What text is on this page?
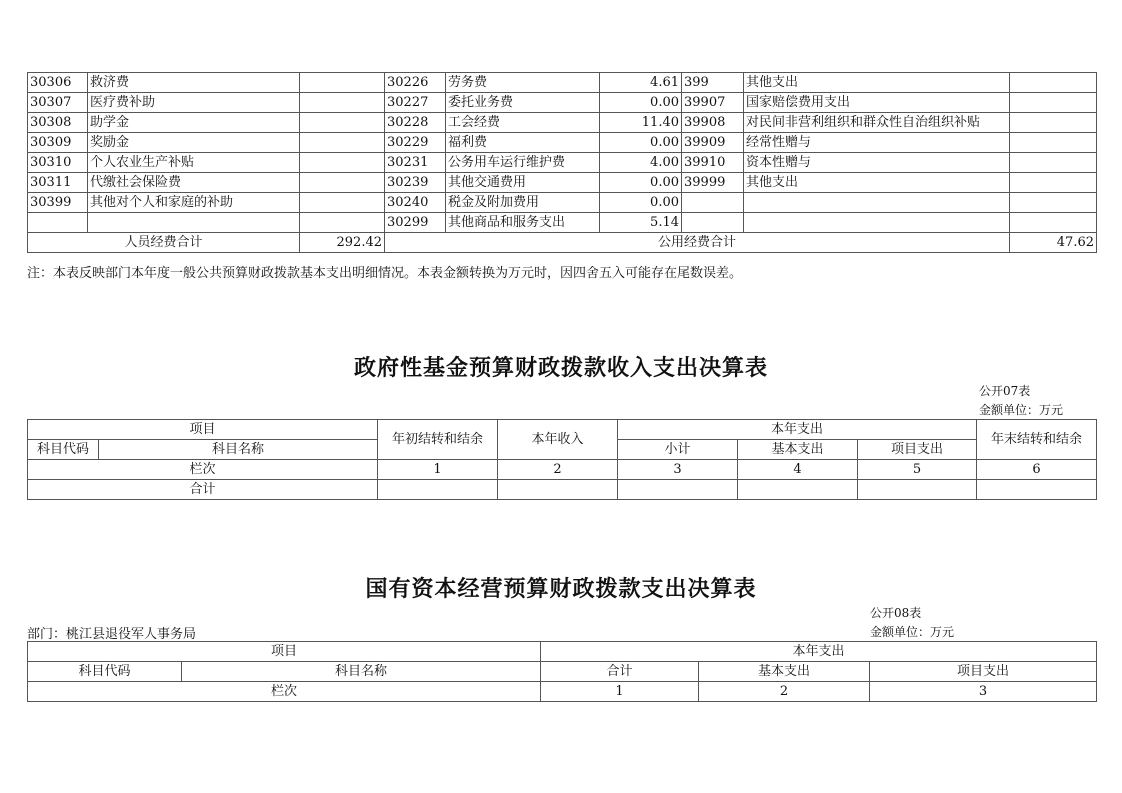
30306	救济费		30226	劳务费	4.61	399	其他支出	
30307	医疗费补助		30227	委托业务费	0.00	39907	国家赔偿费用支出	
30308	助学金		30228	工会经费	11.40	39908	对民间非营利组织和群众性自治组织补贴	
30309	奖励金		30229	福利费	0.00	39909	经常性赠与	
30310	个人农业生产补贴		30231	公务用车运行维护费	4.00	39910	资本性赠与	
30311	代缴社会保险费		30239	其他交通费用	0.00	39999	其他支出	
30399	其他对个人和家庭的补助		30240	税金及附加费用	0.00			
			30299	其他商品和服务支出	5.14			
人员经费合计		292.42	公用经费合计					47.62
注：本表反映部门本年度一般公共预算财政拨款基本支出明细情况。本表金额转换为万元时，因四舍五入可能存在尾数误差。
政府性基金预算财政拨款收入支出决算表
公开07表
金额单位：万元
项目		年初结转和结余	本年收入	本年支出			年末结转和结余
科目代码	科目名称			小计	基本支出	项目支出	
栏次		1	2	3	4	5	6
合计							
国有资本经营预算财政拨款支出决算表
公开08表
金额单位：万元
部门：桃江县退役军人事务局
项目		本年支出		
科目代码	科目名称	合计	基本支出	项目支出
栏次		1	2	3
